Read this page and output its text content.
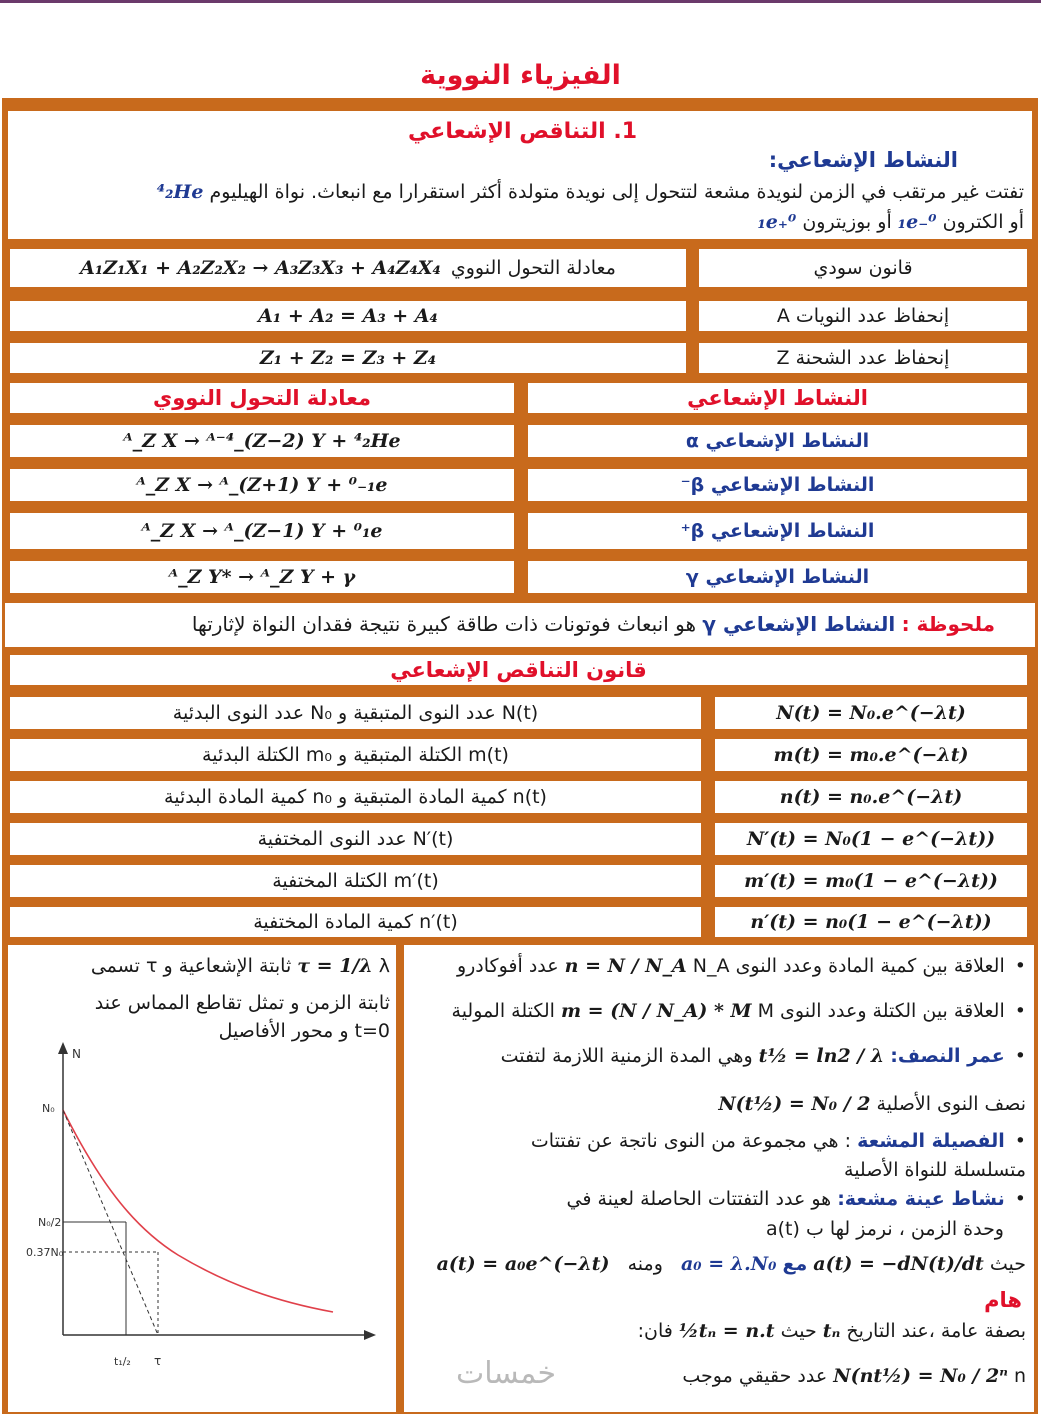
الفيزياء النووية
1. التناقص الإشعاعي
النشاط الإشعاعي:
تفتت غير مرتقب في الزمن لنويدة مشعة لتتحول إلى نويدة متولدة أكثر استقرارا مع انبعاث. نواة الهيليوم ⁴₂He
أو الكترون ⁰₋₁e أو بوزيترون ⁰₊₁e
قانون سودي
معادلة التحول النووي
A₁Z₁X₁ + A₂Z₂X₂ → A₃Z₃X₃ + A₄Z₄X₄
إنحفاظ عدد النويات A
A₁ + A₂ = A₃ + A₄
إنحفاظ عدد الشحنة Z
Z₁ + Z₂ = Z₃ + Z₄
النشاط الإشعاعي
معادلة التحول النووي
النشاط الإشعاعي α
ᴬ_Z X → ᴬ⁻⁴_(Z−2) Y + ⁴₂He
النشاط الإشعاعي β⁻
ᴬ_Z X → ᴬ_(Z+1) Y + ⁰₋₁e
النشاط الإشعاعي β⁺
ᴬ_Z X → ᴬ_(Z−1) Y + ⁰₁e
النشاط الإشعاعي γ
ᴬ_Z Y* → ᴬ_Z Y + γ
ملحوظة : النشاط الإشعاعي γ هو انبعاث فوتونات ذات طاقة كبيرة نتيجة فقدان النواة لإثارتها
قانون التناقص الإشعاعي
N(t) = N₀.e^(−λt)
N(t) عدد النوى المتبقية و N₀ عدد النوى البدئية
m(t) = m₀.e^(−λt)
m(t) الكتلة المتبقية و m₀ الكتلة البدئية
n(t) = n₀.e^(−λt)
n(t) كمية المادة المتبقية و n₀ كمية المادة البدئية
N′(t) = N₀(1 − e^(−λt))
N′(t) عدد النوى المختفية
m′(t) = m₀(1 − e^(−λt))
m′(t) الكتلة المختفية
n′(t) = n₀(1 − e^(−λt))
n′(t) كمية المادة المختفية
• العلاقة بين كمية المادة وعدد النوى n = N / N_A N_A عدد أفوكادرو
• العلاقة بين الكتلة وعدد النوى m = (N / N_A) * M M الكتلة المولية
• عمر النصف: t½ = ln2 / λ وهي المدة الزمنية اللازمة لتفتت
نصف النوى الأصلية N(t½) = N₀ / 2
• الفصيلة المشعة : هي مجموعة من النوى ناتجة عن تفتتات
متسلسلة للنواة الأصلية
• نشاط عينة مشعة: هو عدد التفتتات الحاصلة لعينة في
وحدة الزمن ، نرمز لها ب a(t)
حيث a(t) = −dN(t)/dt مع a₀ = λ.N₀   ومنه   a(t) = a₀e^(−λt)
هام
بصفة عامة ،عند التاريخ tₙ حيث tₙ = n.t½ فان:
N(nt½) = N₀ / 2ⁿ n عدد حقيقي موجب
τ = 1/λ λ ثابتة الإشعاعية و τ تسمى
ثابتة الزمن و تمثل تقاطع المماس عند
t=0 و محور الأفاصيل
N
N₀
N₀/2
0.37N₀
t₁/₂ τ	خمسات
